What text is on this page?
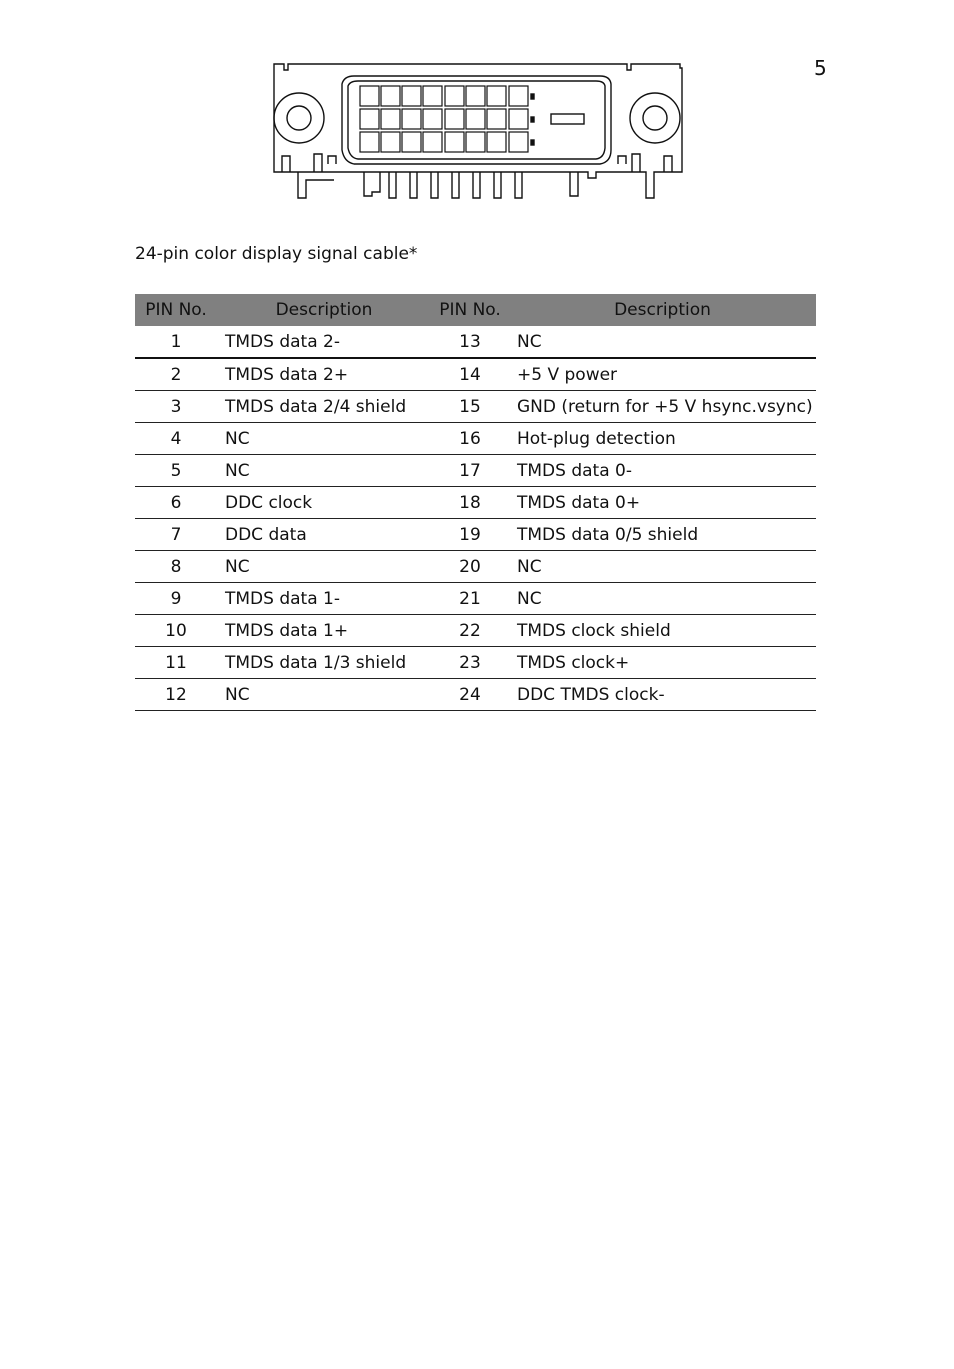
5
24-pin color display signal cable*
PIN No.	Description	PIN No.	Description
1	TMDS data 2-	13	NC
2	TMDS data 2+	14	+5 V power
3	TMDS data 2/4 shield	15	GND (return for +5 V hsync.vsync)
4	NC	16	Hot-plug detection
5	NC	17	TMDS data 0-
6	DDC clock	18	TMDS data 0+
7	DDC data	19	TMDS data 0/5 shield
8	NC	20	NC
9	TMDS data 1-	21	NC
10	TMDS data 1+	22	TMDS clock shield
11	TMDS data 1/3 shield	23	TMDS clock+
12	NC	24	DDC TMDS clock-
